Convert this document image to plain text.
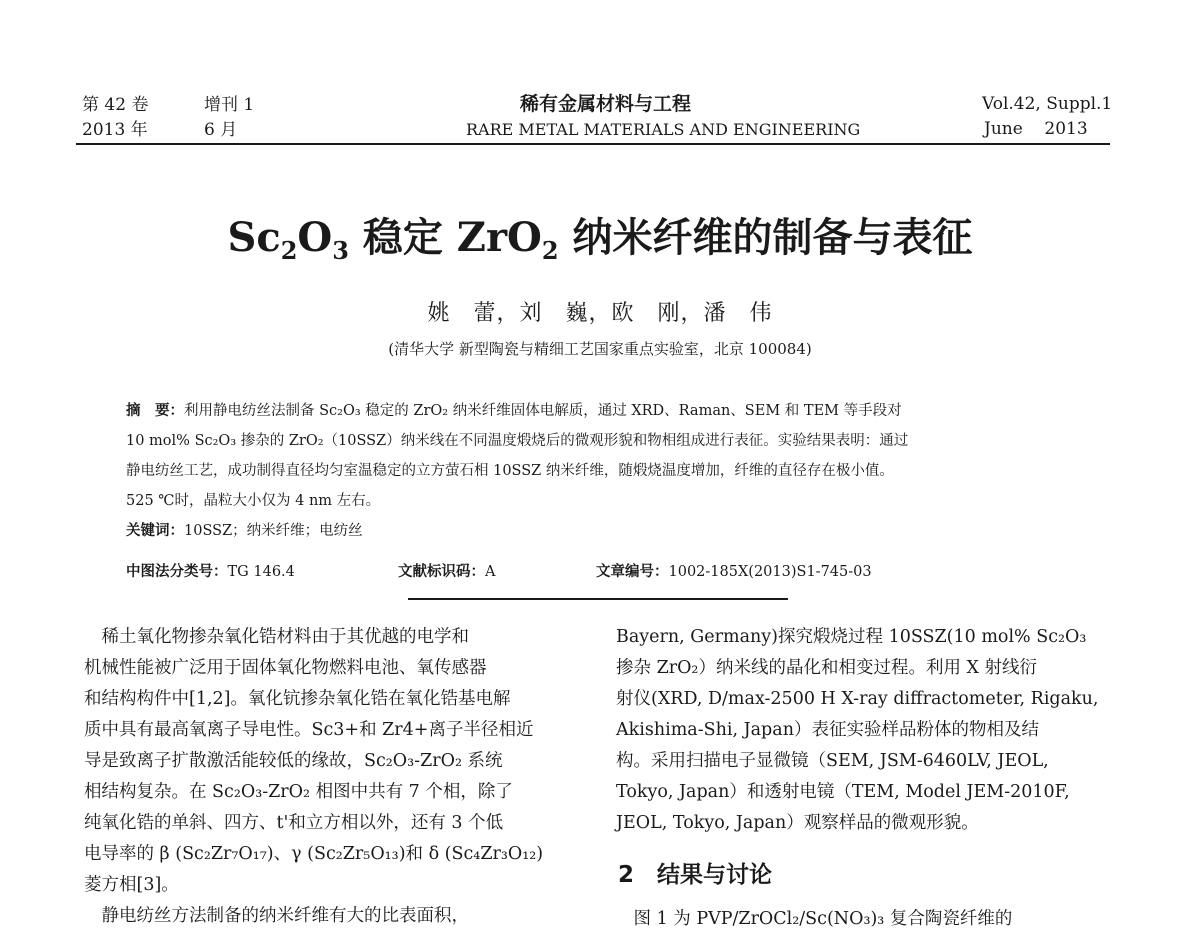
第 42 卷
2013 年
增刊 1
6 月
稀有金属材料与工程
RARE METAL MATERIALS AND ENGINEERING
Vol.42, Suppl.1
June    2013
$Sc_2O_3$ 稳定 ZrO$_2$ 纳米纤维的制备与表征
姚　蕾，刘　巍，欧　刚，潘　伟
(清华大学 新型陶瓷与精细工艺国家重点实验室，北京 100084)
摘　要：利用静电纺丝法制备 Sc₂O₃ 稳定的 ZrO₂ 纳米纤维固体电解质，通过 XRD、Raman、SEM 和 TEM 等手段对
10 mol% Sc₂O₃ 掺杂的 ZrO₂（10SSZ）纳米线在不同温度煅烧后的微观形貌和物相组成进行表征。实验结果表明：通过
静电纺丝工艺，成功制得直径均匀室温稳定的立方萤石相 10SSZ 纳米纤维，随煅烧温度增加，纤维的直径存在极小值。
525 ℃时，晶粒大小仅为 4 nm 左右。
关键词：10SSZ；纳米纤维；电纺丝
中图法分类号：TG 146.4	文献标识码：A	文章编号：1002-185X(2013)S1-745-03
　稀土氧化物掺杂氧化锆材料由于其优越的电学和
机械性能被广泛用于固体氧化物燃料电池、氧传感器
和结构构件中[1,2]。氧化钪掺杂氧化锆在氧化锆基电解
质中具有最高氧离子导电性。Sc3+和 Zr4+离子半径相近
导是致离子扩散激活能较低的缘故，Sc₂O₃-ZrO₂ 系统
相结构复杂。在 Sc₂O₃-ZrO₂ 相图中共有 7 个相，除了
纯氧化锆的单斜、四方、t'和立方相以外，还有 3 个低
电导率的 β (Sc₂Zr₇O₁₇)、γ (Sc₂Zr₅O₁₃)和 δ (Sc₄Zr₃O₁₂)
菱方相[3]。
　静电纺丝方法制备的纳米纤维有大的比表面积，
Bayern, Germany)探究煅烧过程 10SSZ(10 mol% Sc₂O₃
掺杂 ZrO₂）纳米线的晶化和相变过程。利用 X 射线衍
射仪(XRD, D/max-2500 H X-ray diffractometer, Rigaku,
Akishima-Shi, Japan）表征实验样品粉体的物相及结
构。采用扫描电子显微镜（SEM, JSM-6460LV, JEOL,
Tokyo, Japan）和透射电镜（TEM, Model JEM-2010F,
JEOL, Tokyo, Japan）观察样品的微观形貌。
2  结果与讨论
　图 1 为 PVP/ZrOCl₂/Sc(NO₃)₃ 复合陶瓷纤维的
